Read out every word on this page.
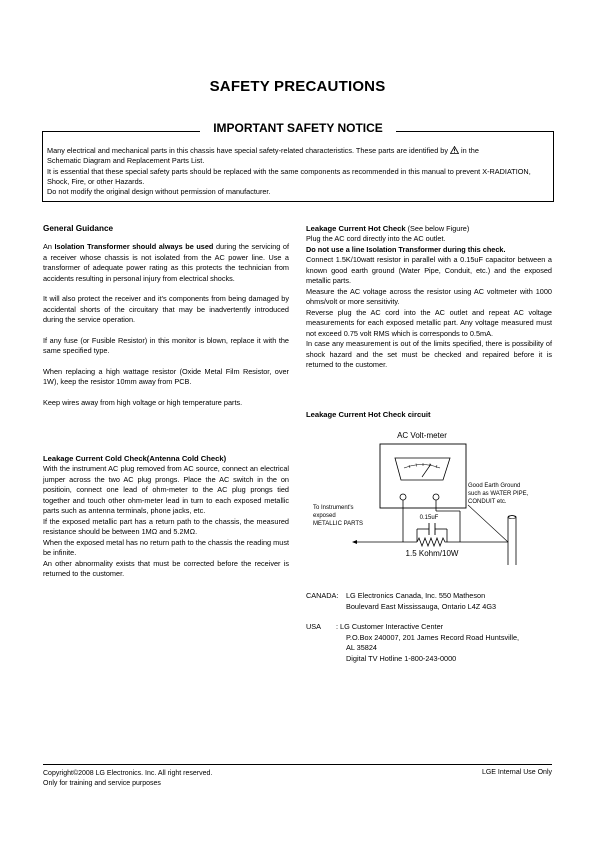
SAFETY PRECAUTIONS
IMPORTANT SAFETY NOTICE

Many electrical and mechanical parts in this chassis have special safety-related characteristics. These parts are identified by in the

Schematic Diagram and Replacement Parts List.

It is essential that these special safety parts should be replaced with the same components as recommended in this manual to prevent X-RADIATION, Shock, Fire, or other Hazards.

Do not modify the original design without permission of manufacturer.

General Guidance

An Isolation Transformer should always be used during the servicing of a receiver whose chassis is not isolated from the AC power line. Use a transformer of adequate power rating as this protects the technician from accidents resulting in personal injury from electrical shocks.

It will also protect the receiver and it's components from being damaged by accidental shorts of the circuitary that may be inadvertently introduced during the service operation.

If any fuse (or Fusible Resistor) in this monitor is blown, replace it with the same specified type.

When replacing a high wattage resistor (Oxide Metal Film Resistor, over 1W), keep the resistor 10mm away from PCB.

Keep wires away from high voltage or high temperature parts.

Leakage Current Cold Check(Antenna Cold Check)

With the instrument AC plug removed from AC source, connect an electrical jumper across the two AC plug prongs. Place the AC switch in the on positioin, connect one lead of ohm-meter to the AC plug prongs tied together and touch other ohm-meter lead in turn to each exposed metallic parts such as antenna terminals, phone jacks, etc.

If the exposed metallic part has a return path to the chassis, the measured resistance should be between 1MΩ and 5.2MΩ.

When the exposed metal has no return path to the chassis the reading must be infinite.

An other abnormality exists that must be corrected before the receiver is returned to the customer.

Leakage Current Hot Check (See below Figure)

Plug the AC cord directly into the AC outlet.

Do not use a line Isolation Transformer during this check.

Connect 1.5K/10watt resistor in parallel with a 0.15uF capacitor between a known good earth ground (Water Pipe, Conduit, etc.) and the exposed metallic parts.

Measure the AC voltage across the resistor using AC voltmeter with 1000 ohms/volt or more sensitivity.

Reverse plug the AC cord into the AC outlet and repeat AC voltage measurements for each exposed metallic part. Any voltage measured must not exceed 0.75 volt RMS which is corresponds to 0.5mA.

In case any measurement is out of the limits specified, there is possibility of shock hazard and the set must be checked and repaired before it is returned to the customer.

Leakage Current Hot Check circuit
AC Volt-meter
0.15uF
1.5 Kohm/10W
Good Earth Ground
such as WATER PIPE,
CONDUIT etc.
To Instrument's
exposed
METALLIC PARTS
CANADA:	LG Electronics Canada, Inc. 550 Matheson
Boulevard East Mississauga, Ontario L4Z 4G3
USA	: LG Customer Interactive Center
P.O.Box 240007, 201 James Record Road Huntsville,
AL 35824
Digital TV Hotline 1-800-243-0000
Copyright©2008 LG Electronics. Inc. All right reserved.
Only for training and service purposes
LGE Internal Use Only
